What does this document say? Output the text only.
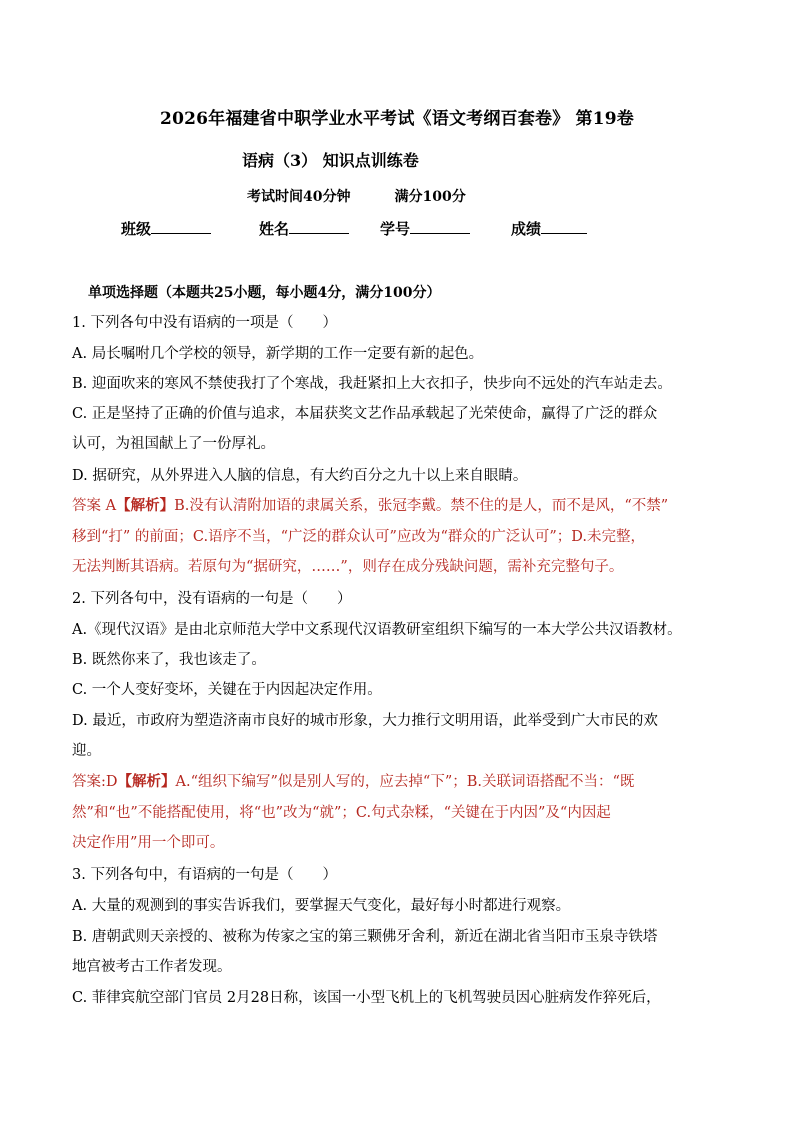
2026年福建省中职学业水平考试《语文考纲百套卷》 第19卷
语病（3） 知识点训练卷
考试时间40分钟	满分100分
班级	姓名	学号	成绩
单项选择题（本题共25小题，每小题4分，满分100分）
1. 下列各句中没有语病的一项是（　　）
A. 局长嘱咐几个学校的领导，新学期的工作一定要有新的起色。
B. 迎面吹来的寒风不禁使我打了个寒战，我赶紧扣上大衣扣子，快步向不远处的汽车站走去。
C. 正是坚持了正确的价值与追求，本届获奖文艺作品承载起了光荣使命，赢得了广泛的群众
认可，为祖国献上了一份厚礼。
D. 据研究，从外界进入人脑的信息，有大约百分之九十以上来自眼睛。
答案 A【解析】B.没有认清附加语的隶属关系，张冠李戴。禁不住的是人，而不是风，“不禁”
移到“打” 的前面；C.语序不当，“广泛的群众认可”应改为“群众的广泛认可”；D.未完整，
无法判断其语病。若原句为“据研究，……”，则存在成分残缺问题，需补充完整句子。
2. 下列各句中，没有语病的一句是（　　）
A.《现代汉语》是由北京师范大学中文系现代汉语教研室组织下编写的一本大学公共汉语教材。
B. 既然你来了，我也该走了。
C. 一个人变好变坏，关键在于内因起决定作用。
D. 最近，市政府为塑造济南市良好的城市形象，大力推行文明用语，此举受到广大市民的欢
迎。
答案:D【解析】A.“组织下编写”似是别人写的，应去掉“下”；B.关联词语搭配不当：“既
然”和“也”不能搭配使用，将“也”改为“就”；C.句式杂糅，“关键在于内因”及“内因起
决定作用”用一个即可。
3. 下列各句中，有语病的一句是（　　）
A. 大量的观测到的事实告诉我们，要掌握天气变化，最好每小时都进行观察。
B. 唐朝武则天亲授的、被称为传家之宝的第三颗佛牙舍利，新近在湖北省当阳市玉泉寺铁塔
地宫被考古工作者发现。
C. 菲律宾航空部门官员 2月28日称，该国一小型飞机上的飞机驾驶员因心脏病发作猝死后，
